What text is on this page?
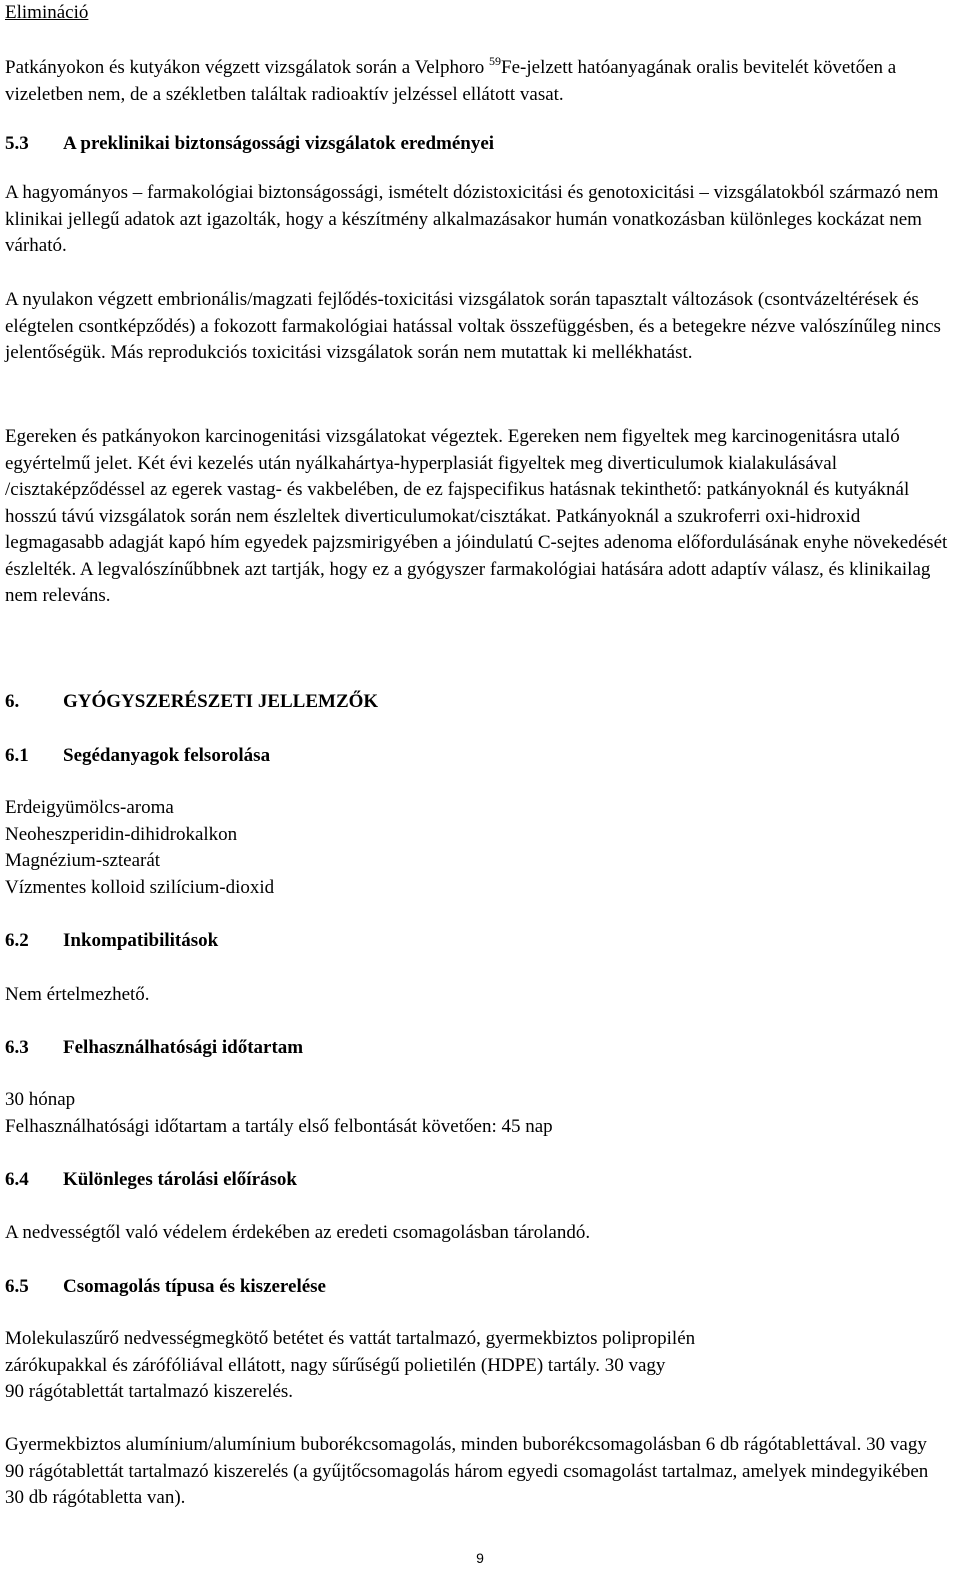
Elimináció

Patkányokon és kutyákon végzett vizsgálatok során a Velphoro $^{59}$Fe-jelzett hatóanyagának oralis bevitelét követően a vizeletben nem, de a székletben találtak radioaktív jelzéssel ellátott vasat.

5.3 A preklinikai biztonságossági vizsgálatok eredményei

A hagyományos – farmakológiai biztonságossági, ismételt dózistoxicitási és genotoxicitási – vizsgálatokból származó nem klinikai jellegű adatok azt igazolták, hogy a készítmény alkalmazásakor humán vonatkozásban különleges kockázat nem várható.

A nyulakon végzett embrionális/magzati fejlődés-toxicitási vizsgálatok során tapasztalt változások (csontvázeltérések és elégtelen csontképződés) a fokozott farmakológiai hatással voltak összefüggésben, és a betegekre nézve valószínűleg nincs jelentőségük. Más reprodukciós toxicitási vizsgálatok során nem mutattak ki mellékhatást.

Egereken és patkányokon karcinogenitási vizsgálatokat végeztek. Egereken nem figyeltek meg karcinogenitásra utaló egyértelmű jelet. Két évi kezelés után nyálkahártya-hyperplasiát figyeltek meg diverticulumok kialakulásával /cisztaképződéssel az egerek vastag- és vakbelében, de ez fajspecifikus hatásnak tekinthető: patkányoknál és kutyáknál hosszú távú vizsgálatok során nem észleltek diverticulumokat/cisztákat. Patkányoknál a szukroferri oxi-hidroxid legmagasabb adagját kapó hím egyedek pajzsmirigyében a jóindulatú C-sejtes adenoma előfordulásának enyhe növekedését észlelték. A legvalószínűbbnek azt tartják, hogy ez a gyógyszer farmakológiai hatására adott adaptív válasz, és klinikailag nem releváns.

6. GYÓGYSZERÉSZETI JELLEMZŐK

6.1 Segédanyagok felsorolása

Erdeigyümölcs-aroma
Neoheszperidin-dihidrokalkon
Magnézium-sztearát
Vízmentes kolloid szilícium-dioxid

6.2 Inkompatibilitások

Nem értelmezhető.

6.3 Felhasználhatósági időtartam

30 hónap
Felhasználhatósági időtartam a tartály első felbontását követően: 45 nap

6.4 Különleges tárolási előírások

A nedvességtől való védelem érdekében az eredeti csomagolásban tárolandó.

6.5 Csomagolás típusa és kiszerelése

Molekulaszűrő nedvességmegkötő betétet és vattát tartalmazó, gyermekbiztos polipropilén
zárókupakkal és zárófóliával ellátott, nagy sűrűségű polietilén (HDPE) tartály. 30 vagy
90 rágótablettát tartalmazó kiszerelés.

Gyermekbiztos alumínium/alumínium buborékcsomagolás, minden buborékcsomagolásban 6 db rágótablettával. 30 vagy 90 rágótablettát tartalmazó kiszerelés (a gyűjtőcsomagolás három egyedi csomagolást tartalmaz, amelyek mindegyikében 30 db rágótabletta van).

9
